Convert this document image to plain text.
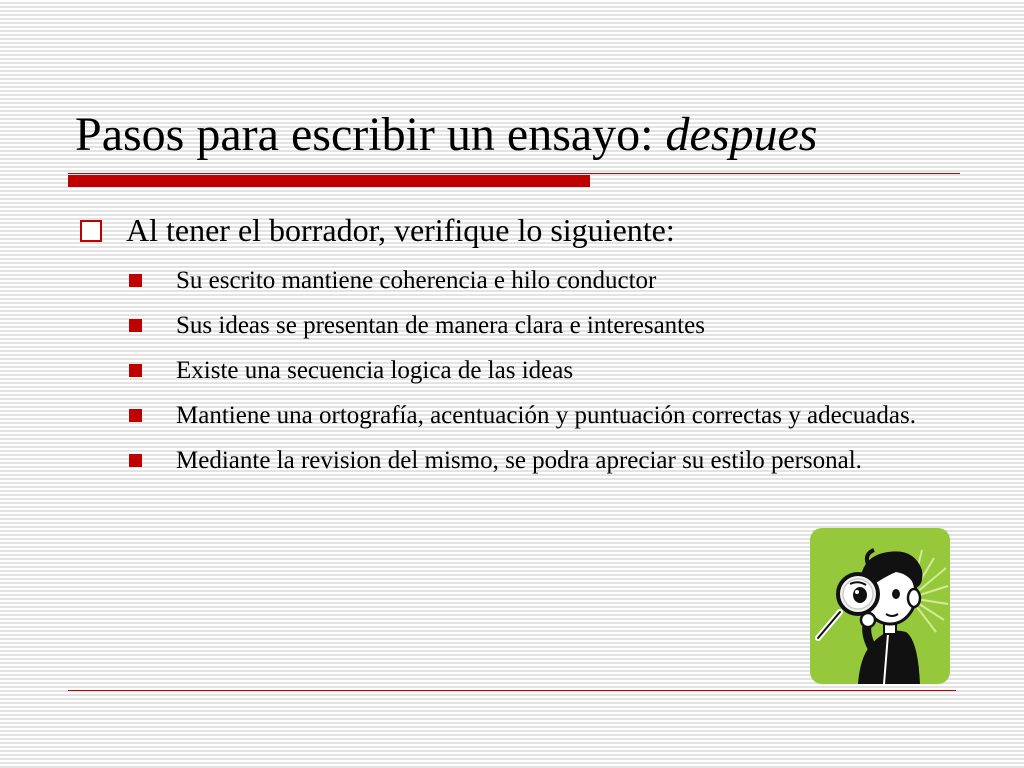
Pasos para escribir un ensayo: despues
Al tener el borrador, verifique lo siguiente:
Su escrito mantiene coherencia e hilo conductor
Sus ideas se presentan de manera clara e interesantes
Existe una secuencia logica de las ideas
Mantiene una ortografía, acentuación y puntuación correctas y adecuadas.
Mediante la revision del mismo, se podra apreciar su estilo personal.
